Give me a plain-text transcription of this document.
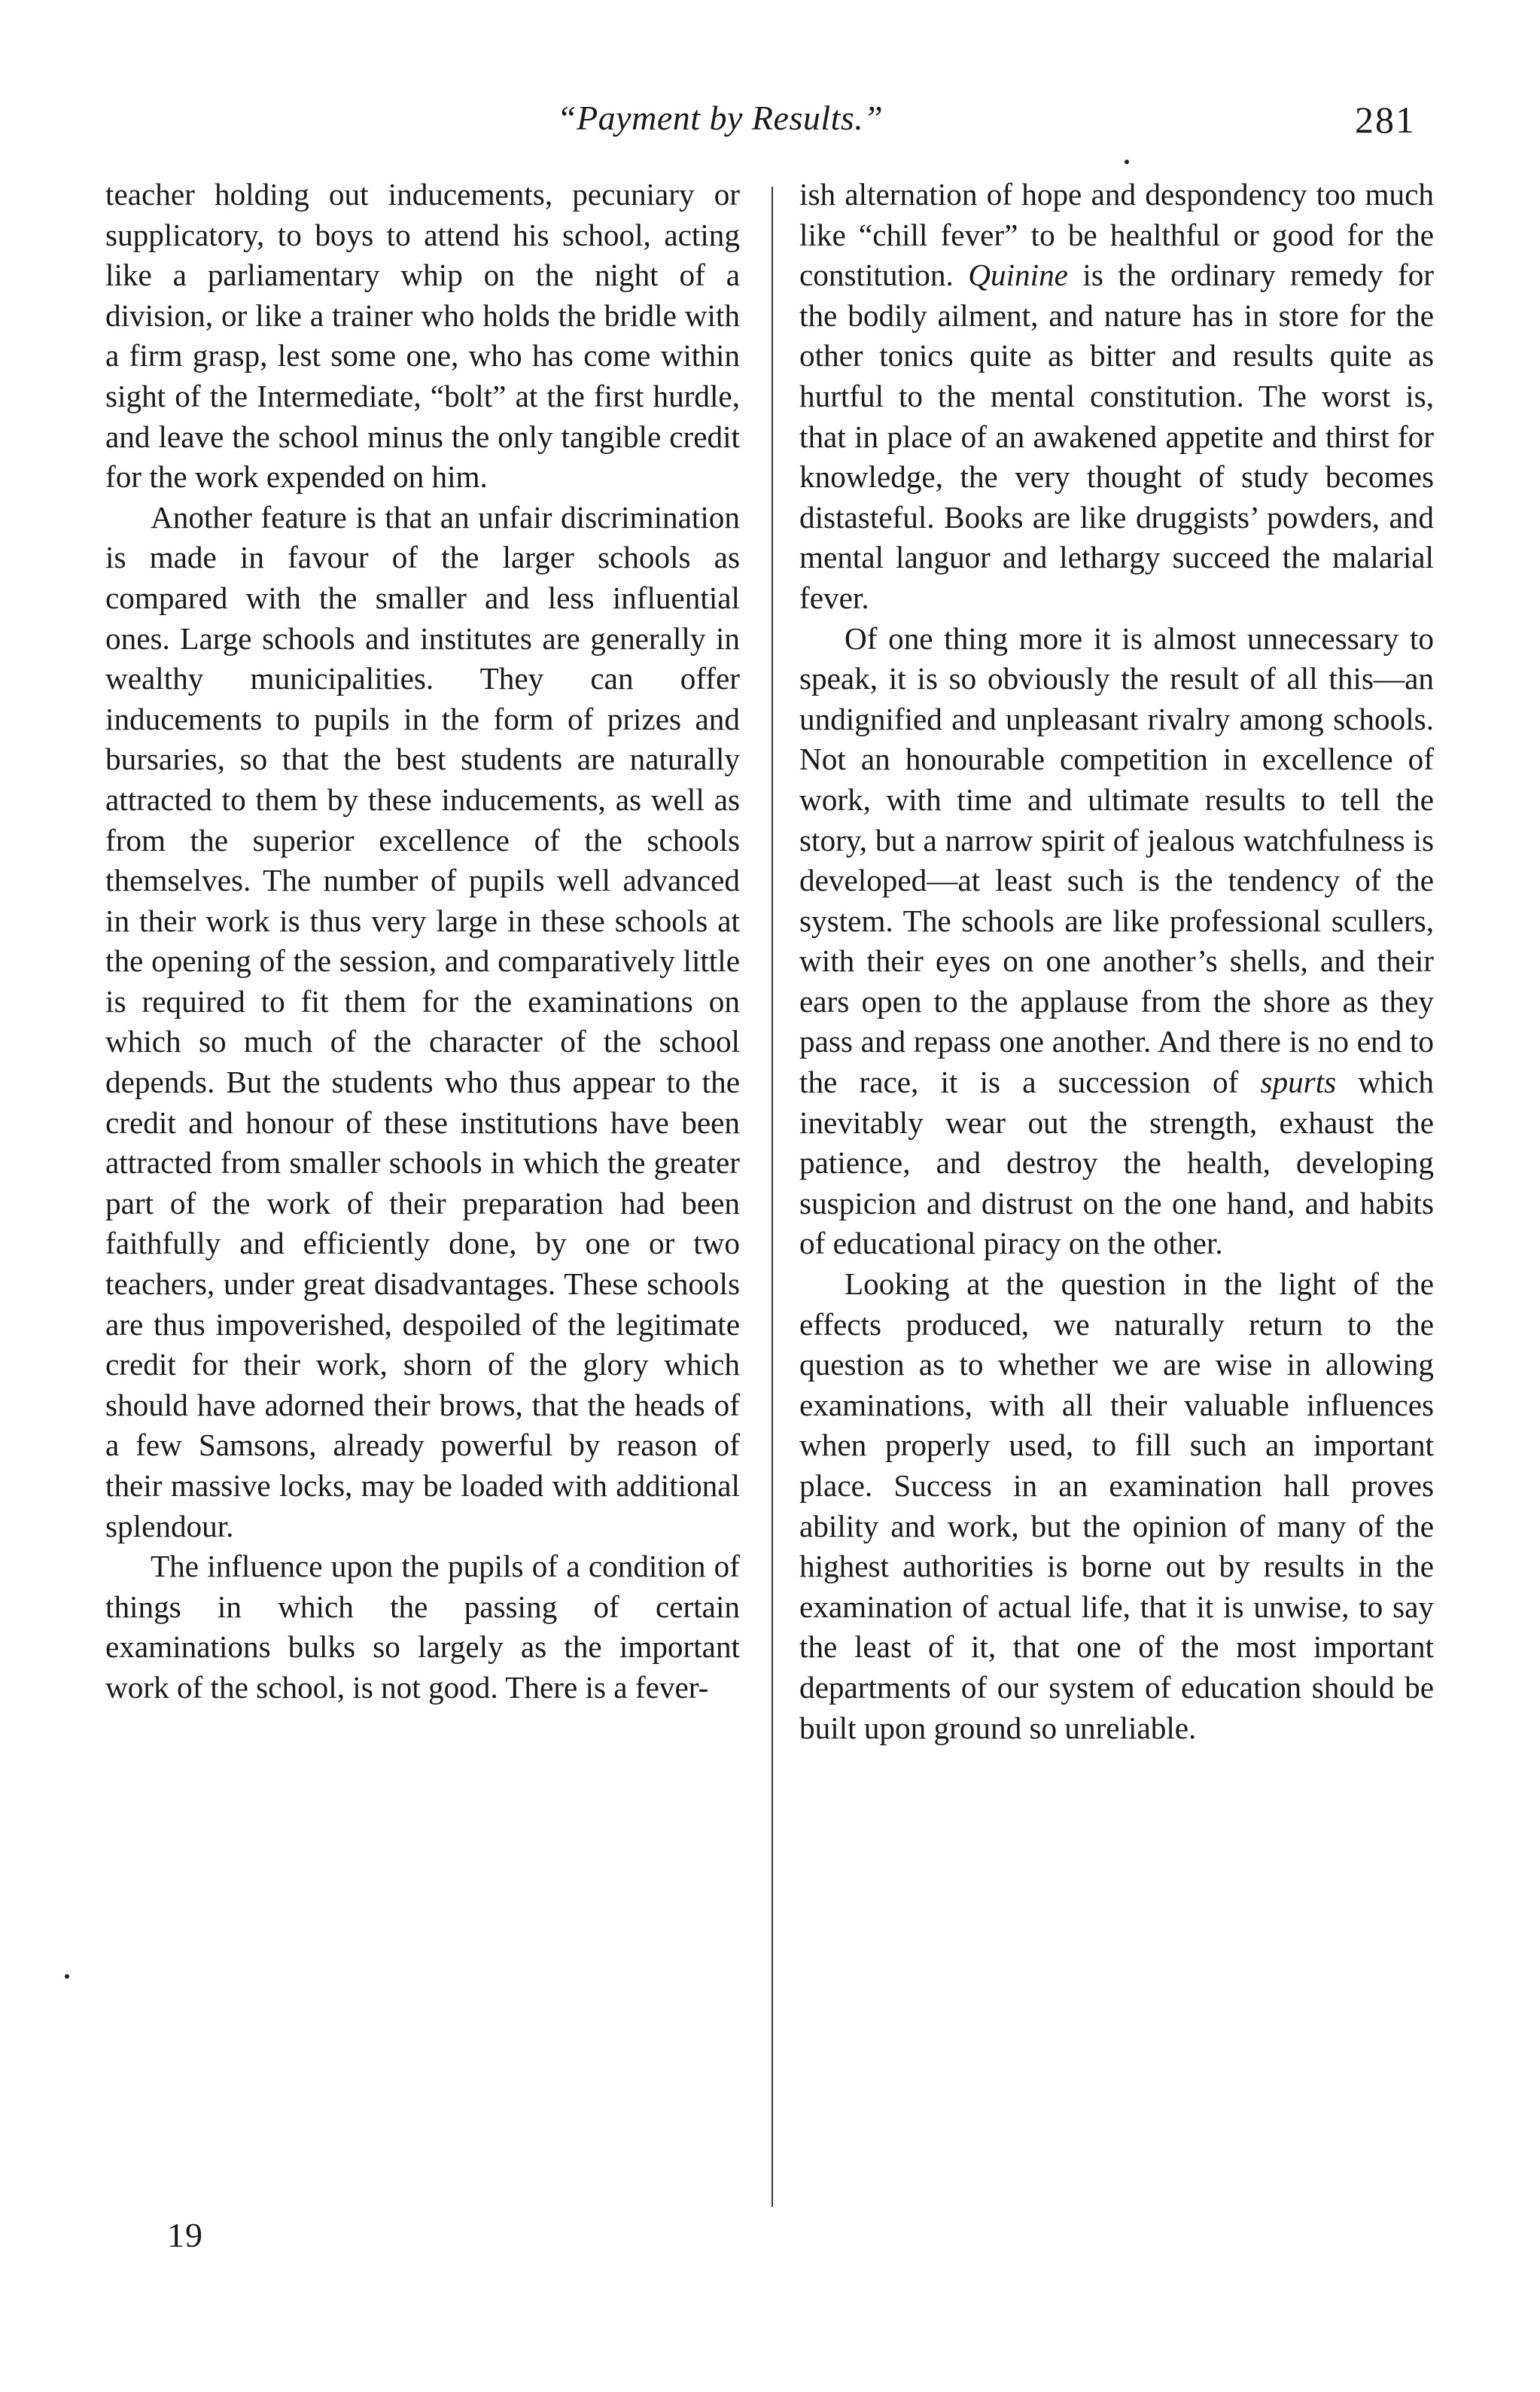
“Payment by Results.”	281

teacher holding out inducements, pecuniary or supplicatory, to boys to attend his school, acting like a parliamentary whip on the night of a division, or like a trainer who holds the bridle with a firm grasp, lest some one, who has come within sight of the Intermediate, “bolt” at the first hurdle, and leave the school minus the only tangible credit for the work expended on him.

Another feature is that an unfair discrimination is made in favour of the larger schools as compared with the smaller and less influential ones. Large schools and institutes are generally in wealthy municipalities. They can offer inducements to pupils in the form of prizes and bursaries, so that the best students are naturally attracted to them by these inducements, as well as from the superior excellence of the schools themselves. The number of pupils well advanced in their work is thus very large in these schools at the opening of the session, and comparatively little is required to fit them for the examinations on which so much of the character of the school depends. But the students who thus appear to the credit and honour of these institutions have been attracted from smaller schools in which the greater part of the work of their preparation had been faithfully and efficiently done, by one or two teachers, under great disadvantages. These schools are thus impoverished, despoiled of the legitimate credit for their work, shorn of the glory which should have adorned their brows, that the heads of a few Samsons, already powerful by reason of their massive locks, may be loaded with additional splendour.

The influence upon the pupils of a condition of things in which the passing of certain examinations bulks so largely as the important work of the school, is not good. There is a fever-

ish alternation of hope and despondency too much like “chill fever” to be healthful or good for the constitution. Quinine is the ordinary remedy for the bodily ailment, and nature has in store for the other tonics quite as bitter and results quite as hurtful to the mental constitution. The worst is, that in place of an awakened appetite and thirst for knowledge, the very thought of study becomes distasteful. Books are like druggists’ powders, and mental languor and lethargy succeed the malarial fever.

Of one thing more it is almost unnecessary to speak, it is so obviously the result of all this—an undignified and unpleasant rivalry among schools. Not an honourable competition in excellence of work, with time and ultimate results to tell the story, but a narrow spirit of jealous watchfulness is developed—at least such is the tendency of the system. The schools are like professional scullers, with their eyes on one another’s shells, and their ears open to the applause from the shore as they pass and repass one another. And there is no end to the race, it is a succession of spurts which inevitably wear out the strength, exhaust the patience, and destroy the health, developing suspicion and distrust on the one hand, and habits of educational piracy on the other.

Looking at the question in the light of the effects produced, we naturally return to the question as to whether we are wise in allowing examinations, with all their valuable influences when properly used, to fill such an important place. Success in an examination hall proves ability and work, but the opinion of many of the highest authorities is borne out by results in the examination of actual life, that it is unwise, to say the least of it, that one of the most important departments of our system of education should be built upon ground so unreliable.

19
